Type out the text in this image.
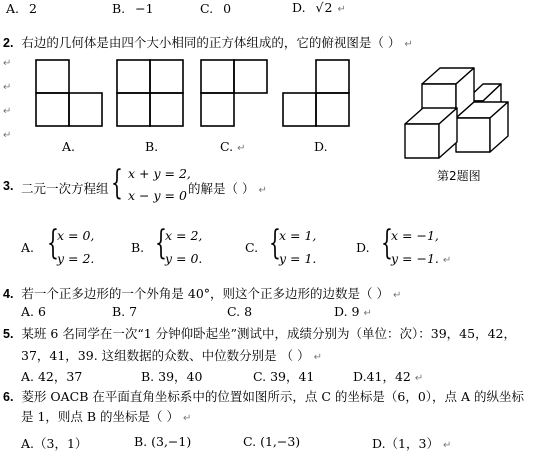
A. 2	B. −1	C. 0	D. √2 ↵
2. 右边的几何体是由四个大小相同的正方体组成的，它的俯视图是（ ） ↵
↵
↵
↵
↵
A.	B.	C. ↵	D.
第2题图
3. 二元一次方程组 { x + y = 2,
x − y = 0 的解是（ ） ↵
A. {
x = 0,
y = 2.
B. {
x = 2,
y = 0.
C. {
x = 1,
y = 1.
D. {
x = −1,
y = −1. ↵
4. 若一个正多边形的一个外角是 40°，则这个正多边形的边数是（ ） ↵
A. 6	B. 7	C. 8	D. 9 ↵
5. 某班 6 名同学在一次“1 分钟仰卧起坐”测试中，成绩分别为（单位：次）：39，45，42，
37，41，39. 这组数据的众数、中位数分别是 （ ） ↵
A. 42，37	B. 39，40	C. 39，41	D.41，42 ↵
6. 菱形 OACB 在平面直角坐标系中的位置如图所示，点 C 的坐标是（6，0），点 A 的纵坐标
是 1，则点 B 的坐标是（ ） ↵
A.（3，1）	B. (3,−1)	C. (1,−3)	D.（1，3） ↵
